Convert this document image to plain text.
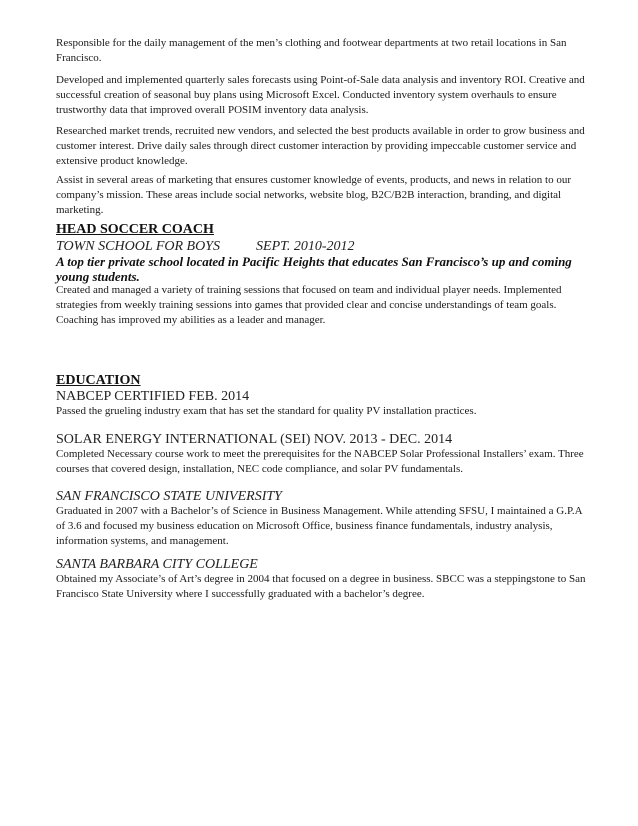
Responsible for the daily management of the men’s clothing and footwear departments at two retail locations in San Francisco.

Developed and implemented quarterly sales forecasts using Point-of-Sale data analysis and inventory ROI. Creative and successful creation of seasonal buy plans using Microsoft Excel. Conducted inventory system overhauls to ensure trustworthy data that improved overall POSIM inventory data analysis.

Researched market trends, recruited new vendors, and selected the best products available in order to grow business and customer interest. Drive daily sales through direct customer interaction by providing impeccable customer service and extensive product knowledge.

Assist in several areas of marketing that ensures customer knowledge of events, products, and news in relation to our company’s mission. These areas include social networks, website blog, B2C/B2B interaction, branding, and digital marketing.

HEAD SOCCER COACH
TOWN SCHOOL FOR BOYS	SEPT. 2010-2012

A top tier private school located in Pacific Heights that educates San Francisco’s up and coming young students.

Created and managed a variety of training sessions that focused on team and individual player needs. Implemented strategies from weekly training sessions into games that provided clear and concise understandings of team goals. Coaching has improved my abilities as a leader and manager.

EDUCATION
NABCEP CERTIFIED FEB. 2014

Passed the grueling industry exam that has set the standard for quality PV installation practices.

SOLAR ENERGY INTERNATIONAL (SEI) NOV. 2013 - DEC. 2014

Completed Necessary course work to meet the prerequisites for the NABCEP Solar Professional Installers’ exam. Three courses that covered design, installation, NEC code compliance, and solar PV fundamentals.

SAN FRANCISCO STATE UNIVERSITY

Graduated in 2007 with a Bachelor’s of Science in Business Management. While attending SFSU, I maintained a G.P.A of 3.6 and focused my business education on Microsoft Office, business finance fundamentals, industry analysis, information systems, and management.

SANTA BARBARA CITY COLLEGE

Obtained my Associate’s of Art’s degree in 2004 that focused on a degree in business. SBCC was a steppingstone to San Francisco State University where I successfully graduated with a bachelor’s degree.
